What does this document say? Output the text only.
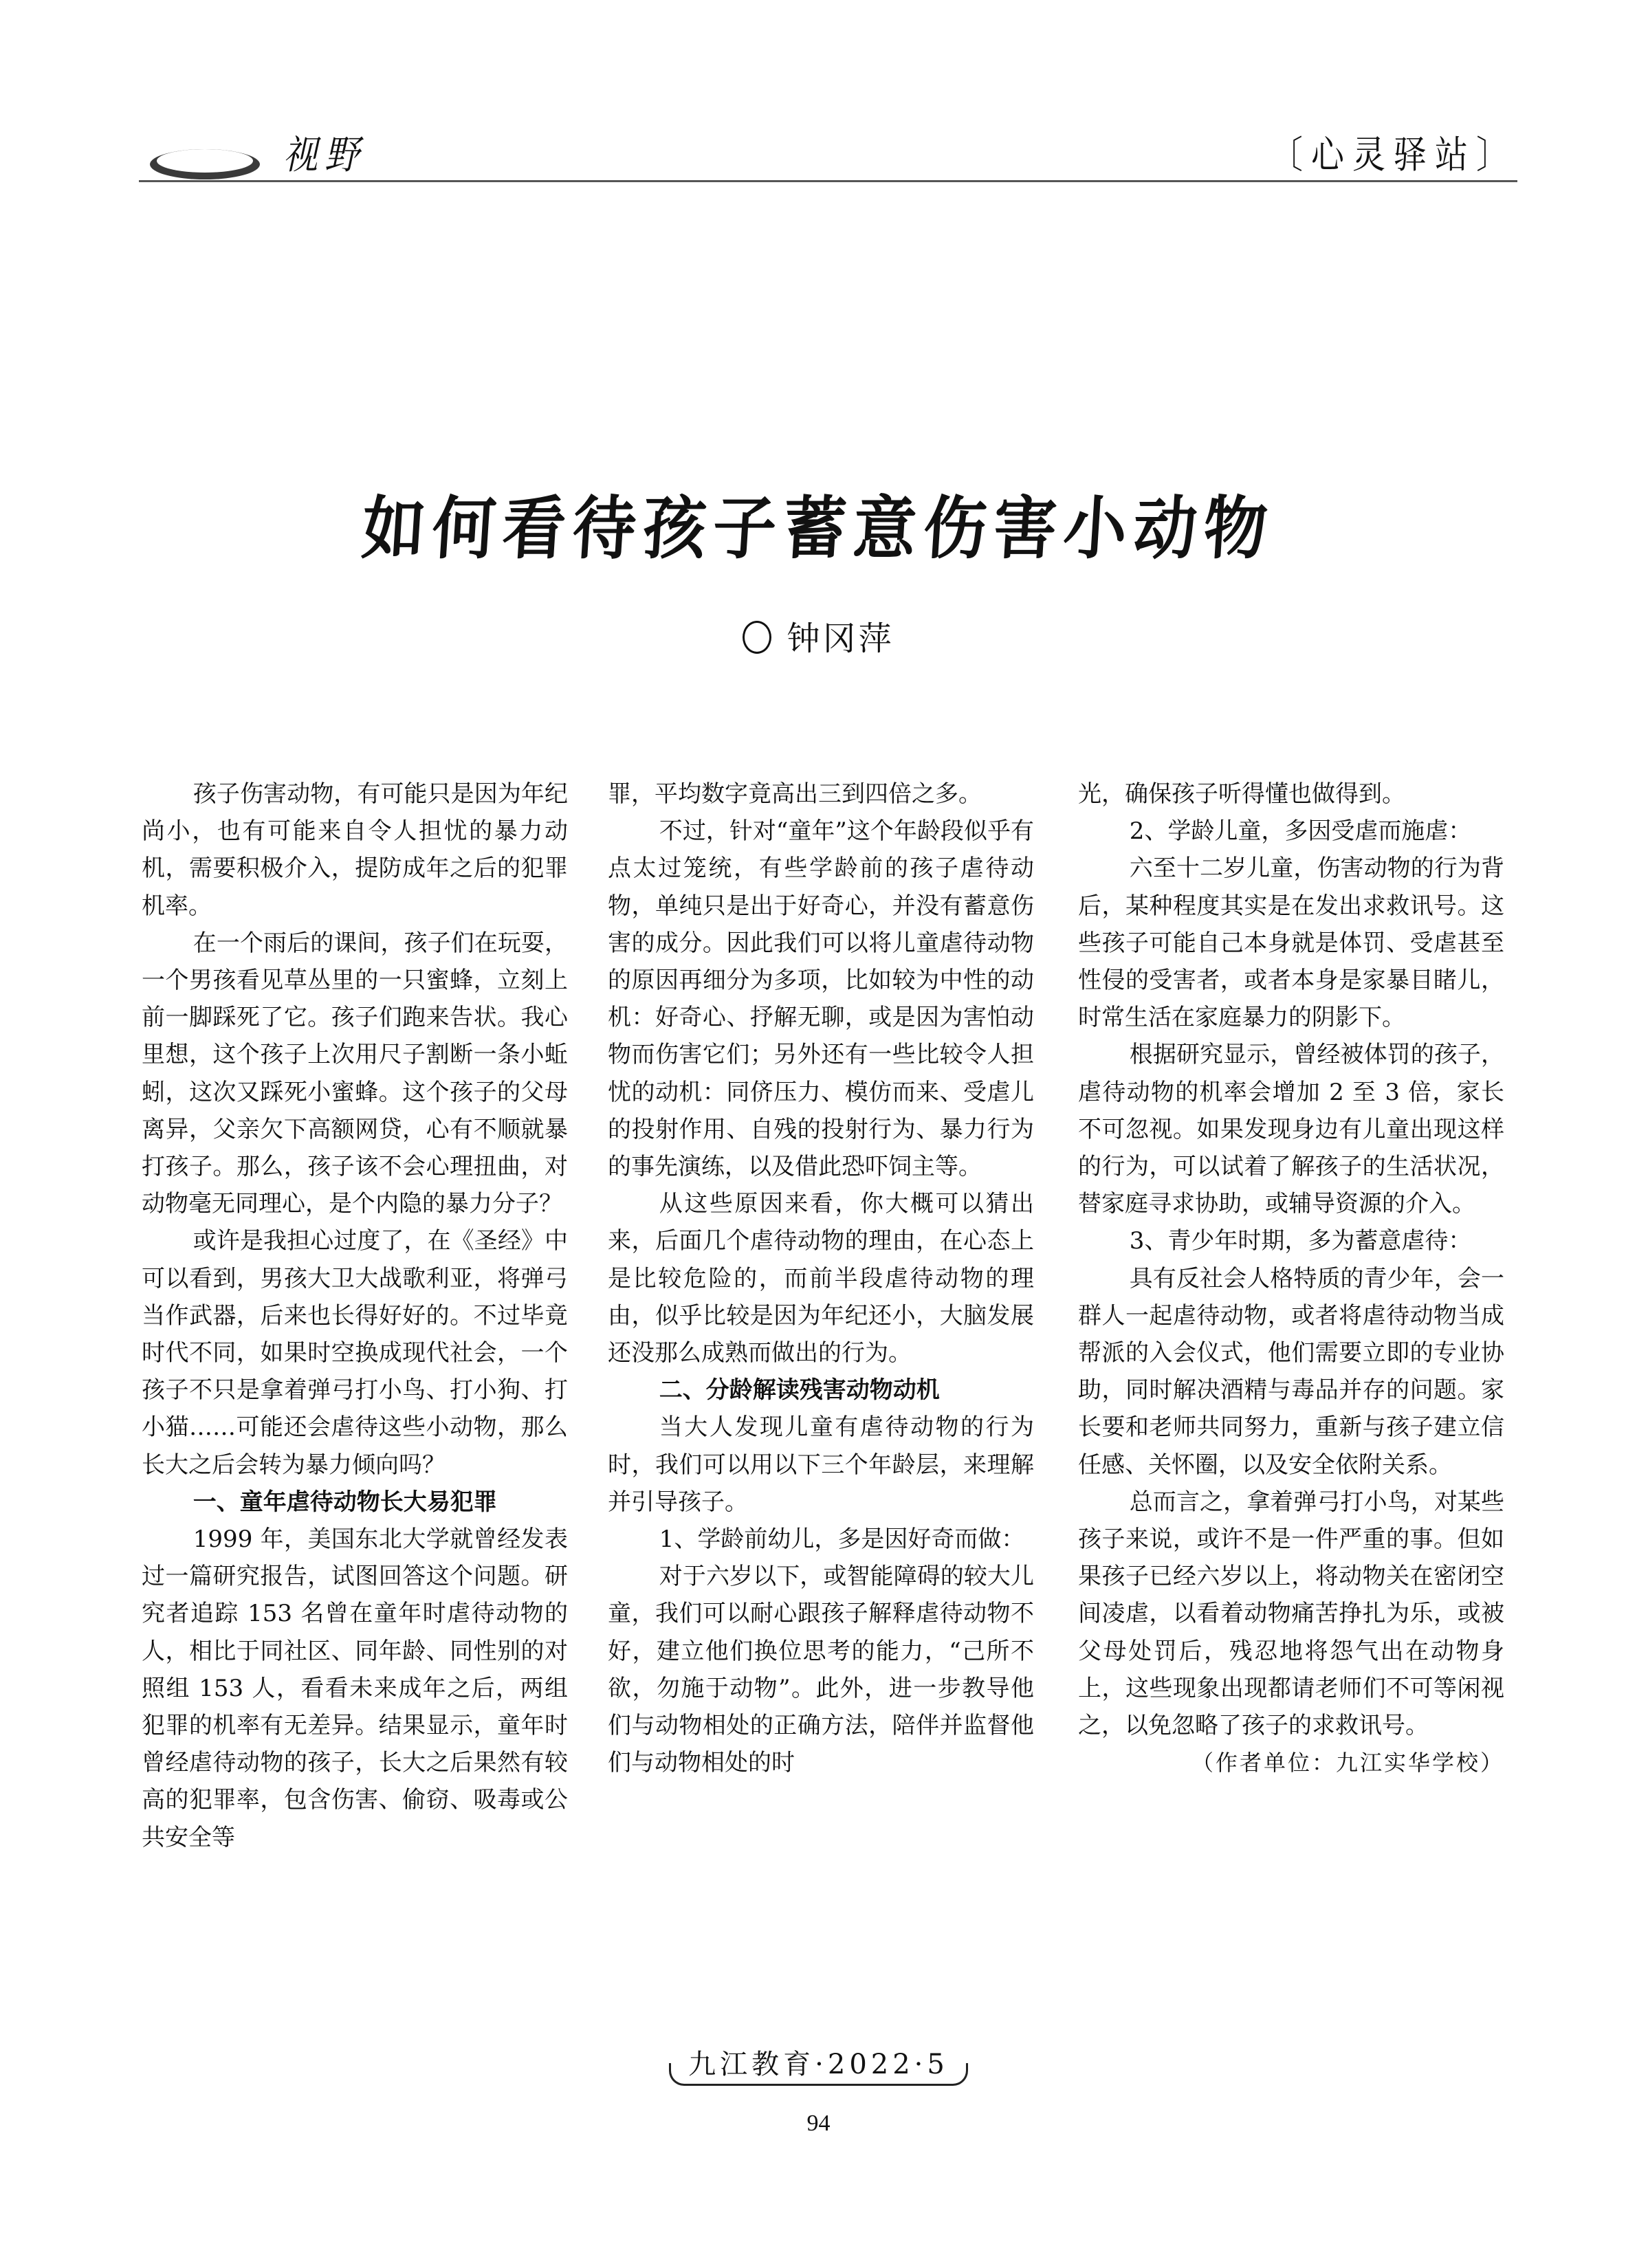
视野	〔心灵驿站〕
如何看待孩子蓄意伤害小动物
钟冈萍

孩子伤害动物，有可能只是因为年纪尚小，也有可能来自令人担忧的暴力动机，需要积极介入，提防成年之后的犯罪机率。

在一个雨后的课间，孩子们在玩耍，一个男孩看见草丛里的一只蜜蜂，立刻上前一脚踩死了它。孩子们跑来告状。我心里想，这个孩子上次用尺子割断一条小蚯蚓，这次又踩死小蜜蜂。这个孩子的父母离异，父亲欠下高额网贷，心有不顺就暴打孩子。那么，孩子该不会心理扭曲，对动物毫无同理心，是个内隐的暴力分子？

或许是我担心过度了，在《圣经》中可以看到，男孩大卫大战歌利亚，将弹弓当作武器，后来也长得好好的。不过毕竟时代不同，如果时空换成现代社会，一个孩子不只是拿着弹弓打小鸟、打小狗、打小猫……可能还会虐待这些小动物，那么长大之后会转为暴力倾向吗？

一、童年虐待动物长大易犯罪

1999 年，美国东北大学就曾经发表过一篇研究报告，试图回答这个问题。研究者追踪 153 名曾在童年时虐待动物的人，相比于同社区、同年龄、同性别的对照组 153 人，看看未来成年之后，两组犯罪的机率有无差异。结果显示，童年时曾经虐待动物的孩子，长大之后果然有较高的犯罪率，包含伤害、偷窃、吸毒或公共安全等

罪，平均数字竟高出三到四倍之多。

不过，针对“童年”这个年龄段似乎有点太过笼统，有些学龄前的孩子虐待动物，单纯只是出于好奇心，并没有蓄意伤害的成分。因此我们可以将儿童虐待动物的原因再细分为多项，比如较为中性的动机：好奇心、抒解无聊，或是因为害怕动物而伤害它们；另外还有一些比较令人担忧的动机：同侪压力、模仿而来、受虐儿的投射作用、自残的投射行为、暴力行为的事先演练，以及借此恐吓饲主等。

从这些原因来看，你大概可以猜出来，后面几个虐待动物的理由，在心态上是比较危险的，而前半段虐待动物的理由，似乎比较是因为年纪还小，大脑发展还没那么成熟而做出的行为。

二、分龄解读残害动物动机

当大人发现儿童有虐待动物的行为时，我们可以用以下三个年龄层，来理解并引导孩子。

1、学龄前幼儿，多是因好奇而做：

对于六岁以下，或智能障碍的较大儿童，我们可以耐心跟孩子解释虐待动物不好，建立他们换位思考的能力，“己所不欲，勿施于动物”。此外，进一步教导他们与动物相处的正确方法，陪伴并监督他们与动物相处的时

光，确保孩子听得懂也做得到。

2、学龄儿童，多因受虐而施虐：

六至十二岁儿童，伤害动物的行为背后，某种程度其实是在发出求救讯号。这些孩子可能自己本身就是体罚、受虐甚至性侵的受害者，或者本身是家暴目睹儿，时常生活在家庭暴力的阴影下。

根据研究显示，曾经被体罚的孩子，虐待动物的机率会增加 2 至 3 倍，家长不可忽视。如果发现身边有儿童出现这样的行为，可以试着了解孩子的生活状况，替家庭寻求协助，或辅导资源的介入。

3、青少年时期，多为蓄意虐待：

具有反社会人格特质的青少年，会一群人一起虐待动物，或者将虐待动物当成帮派的入会仪式，他们需要立即的专业协助，同时解决酒精与毒品并存的问题。家长要和老师共同努力，重新与孩子建立信任感、关怀圈，以及安全依附关系。

总而言之，拿着弹弓打小鸟，对某些孩子来说，或许不是一件严重的事。但如果孩子已经六岁以上，将动物关在密闭空间凌虐，以看着动物痛苦挣扎为乐，或被父母处罚后，残忍地将怨气出在动物身上，这些现象出现都请老师们不可等闲视之，以免忽略了孩子的求救讯号。

（作者单位：九江实华学校）

九江教育·2022·5
94
